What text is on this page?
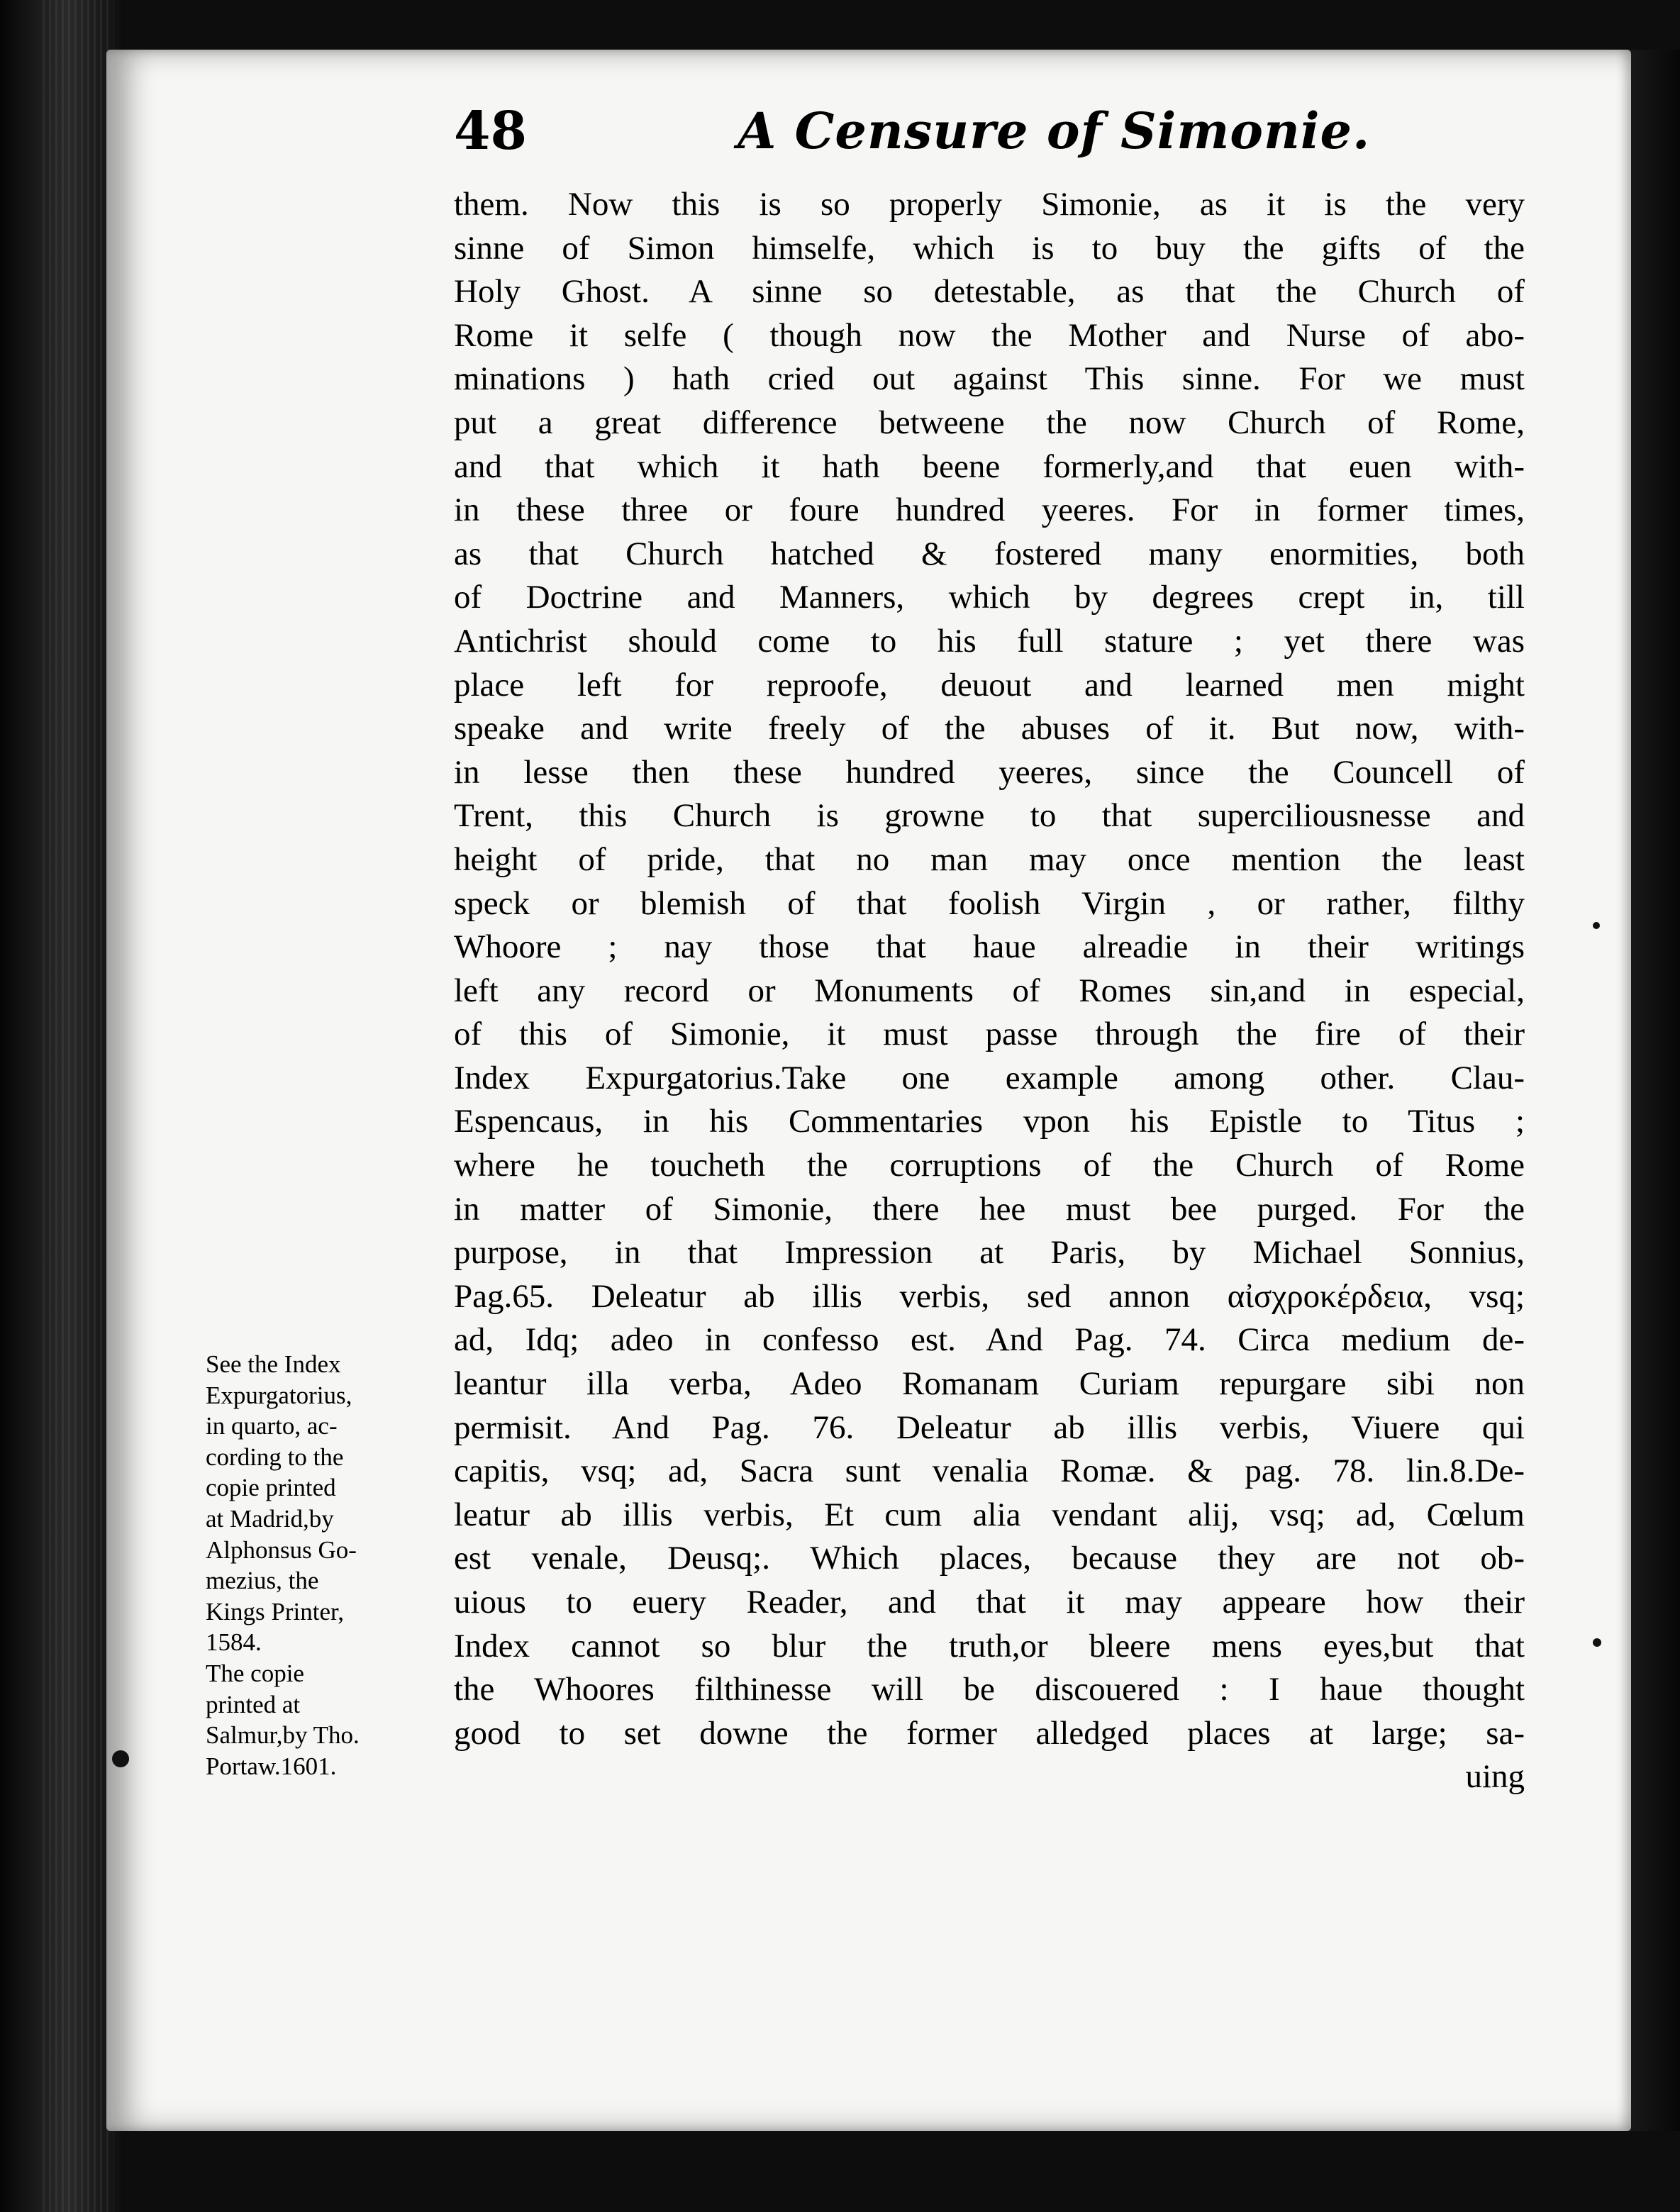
48	A Censure of Simonie.
them. Now this is so properly Simonie, as it is the very
sinne of Simon himselfe, which is to buy the gifts of the
Holy Ghost. A sinne so detestable, as that the Church of
Rome it selfe ( though now the Mother and Nurse of abo-
minations ) hath cried out against This sinne. For we must
put a great difference betweene the now Church of Rome,
and that which it hath beene formerly,and that euen with-
in these three or foure hundred yeeres. For in former times,
as that Church hatched & fostered many enormities, both
of Doctrine and Manners, which by degrees crept in, till
Antichrist should come to his full stature ; yet there was
place left for reproofe, deuout and learned men might
speake and write freely of the abuses of it. But now, with-
in lesse then these hundred yeeres, since the Councell of
Trent, this Church is growne to that superciliousnesse and
height of pride, that no man may once mention the least
speck or blemish of that foolish Virgin , or rather, filthy
Whoore ; nay those that haue alreadie in their writings
left any record or Monuments of Romes sin,and in especial,
of this of Simonie, it must passe through the fire of their
Index Expurgatorius.Take one example among other. Clau-
Espencaus, in his Commentaries vpon his Epistle to Titus ;
where he toucheth the corruptions of the Church of Rome
in matter of Simonie, there hee must bee purged. For the
purpose, in that Impression at Paris, by Michael Sonnius,
Pag.65. Deleatur ab illis verbis, sed annon αἰσχροκέρδεια, vsq;
ad, Idq; adeo in confesso est. And Pag. 74. Circa medium de-
leantur illa verba, Adeo Romanam Curiam repurgare sibi non
permisit. And Pag. 76. Deleatur ab illis verbis, Viuere qui
capitis, vsq; ad, Sacra sunt venalia Romæ. & pag. 78. lin.8.De-
leatur ab illis verbis, Et cum alia vendant alij, vsq; ad, Cœlum
est venale, Deusq;. Which places, because they are not ob-
uious to euery Reader, and that it may appeare how their
Index cannot so blur the truth,or bleere mens eyes,but that
the Whoores filthinesse will be discouered : I haue thought
good to set downe the former alledged places at large; sa-
uing
See the Index
Expurgatorius,
in quarto, ac-
cording to the
copie printed
at Madrid,by
Alphonsus Go-
mezius, the
Kings Printer,
1584.
The copie
printed at
Salmur,by Tho.
Portaw.1601.
